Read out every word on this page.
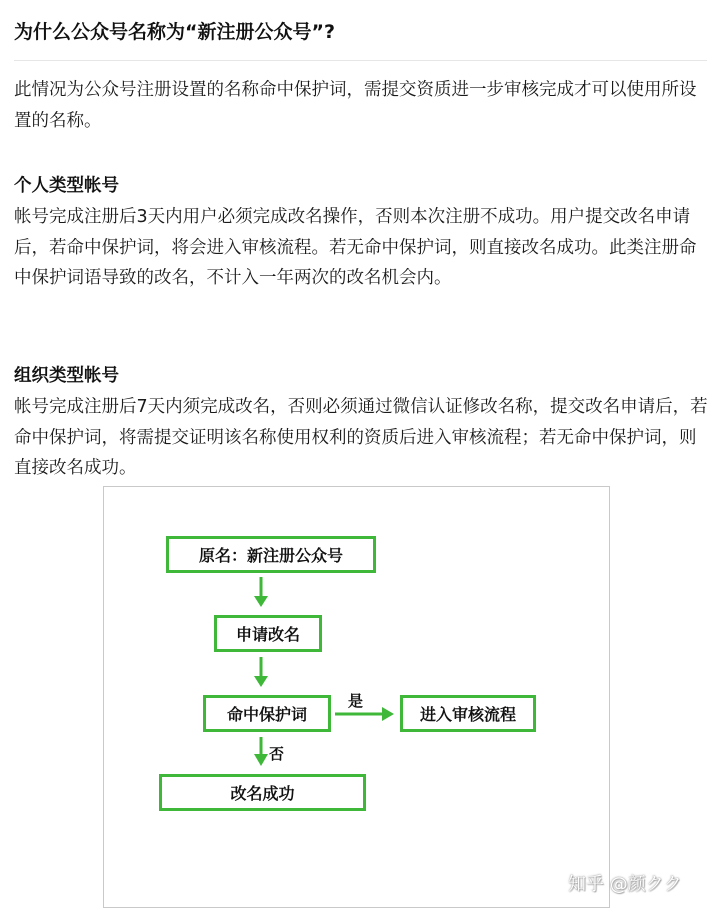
为什么公众号名称为“新注册公众号”?

此情况为公众号注册设置的名称命中保护词，需提交资质进一步审核完成才可以使用所设置的名称。

个人类型帐号

帐号完成注册后3天内用户必须完成改名操作，否则本次注册不成功。用户提交改名申请后，若命中保护词，将会进入审核流程。若无命中保护词，则直接改名成功。此类注册命中保护词语导致的改名，不计入一年两次的改名机会内。

组织类型帐号

帐号完成注册后7天内须完成改名，否则必须通过微信认证修改名称，提交改名申请后，若命中保护词，将需提交证明该名称使用权利的资质后进入审核流程；若无命中保护词，则直接改名成功。

原名：新注册公众号
申请改名
命中保护词	进入审核流程
改名成功
是
否
知乎 @颜クク
